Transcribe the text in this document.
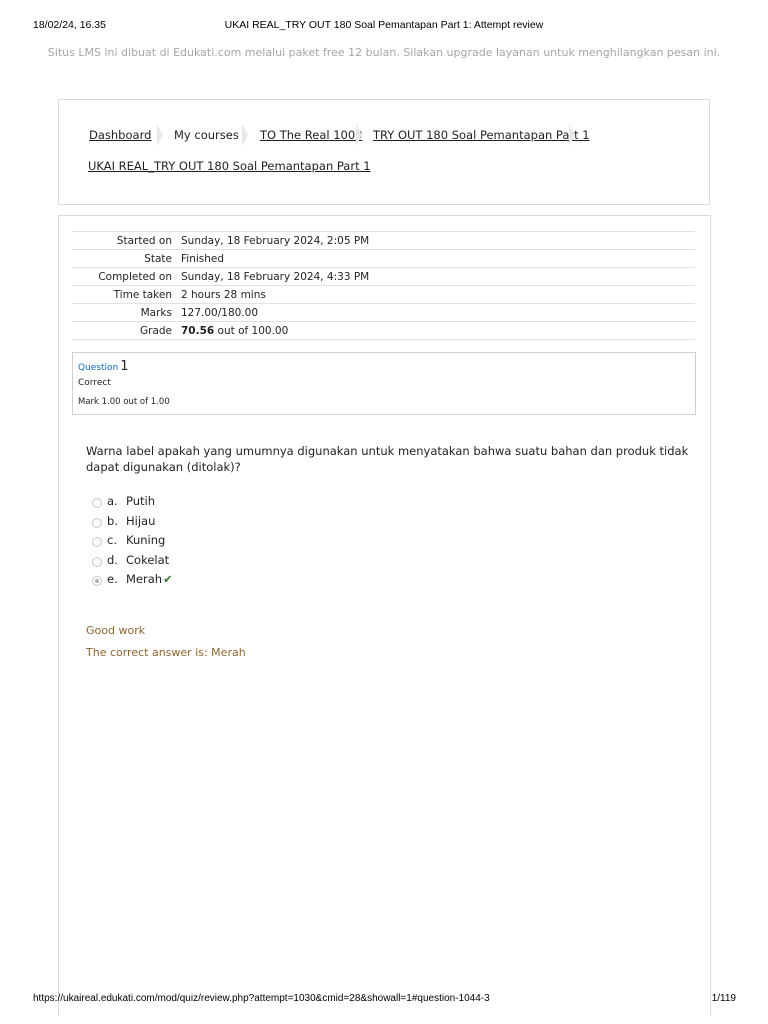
18/02/24, 16.35	UKAI REAL_TRY OUT 180 Soal Pemantapan Part 1: Attempt review
Situs LMS ini dibuat di Edukati.com melalui paket free 12 bulan. Silakan upgrade layanan untuk menghilangkan pesan ini.
Dashboard My courses TO The Real 1000 TRY OUT 180 Soal Pemantapan Part 1
UKAI REAL_TRY OUT 180 Soal Pemantapan Part 1
Started on	Sunday, 18 February 2024, 2:05 PM
State	Finished
Completed on	Sunday, 18 February 2024, 4:33 PM
Time taken	2 hours 28 mins
Marks	127.00/180.00
Grade	70.56 out of 100.00
Question 1
Correct
Mark 1.00 out of 1.00
Warna label apakah yang umumnya digunakan untuk menyatakan bahwa suatu bahan dan produk tidak dapat digunakan (ditolak)?
a. Putih
b. Hijau
c. Kuning
d. Cokelat
e. Merah✔
Good work
The correct answer is: Merah
https://ukaireal.edukati.com/mod/quiz/review.php?attempt=1030&cmid=28&showall=1#question-1044-3	1/119
